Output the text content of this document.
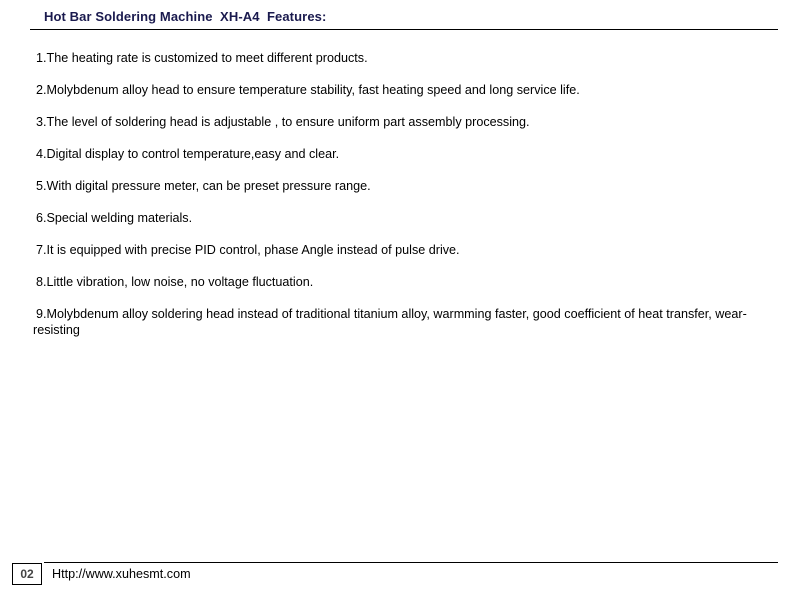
Hot Bar Soldering Machine  XH-A4  Features:
1.The heating rate is customized to meet different products.
2.Molybdenum alloy head to ensure temperature stability, fast heating speed and long service life.
3.The level of soldering head is adjustable , to ensure uniform part assembly processing.
4.Digital display to control temperature,easy and clear.
5.With digital pressure meter, can be preset pressure range.
6.Special welding materials.
7.It is equipped with precise PID control, phase Angle instead of pulse drive.
8.Little vibration, low noise, no voltage fluctuation.
9.Molybdenum alloy soldering head instead of traditional titanium alloy, warmming faster, good coefficient of heat transfer, wear-resisting
02	Http://www.xuhesmt.com
